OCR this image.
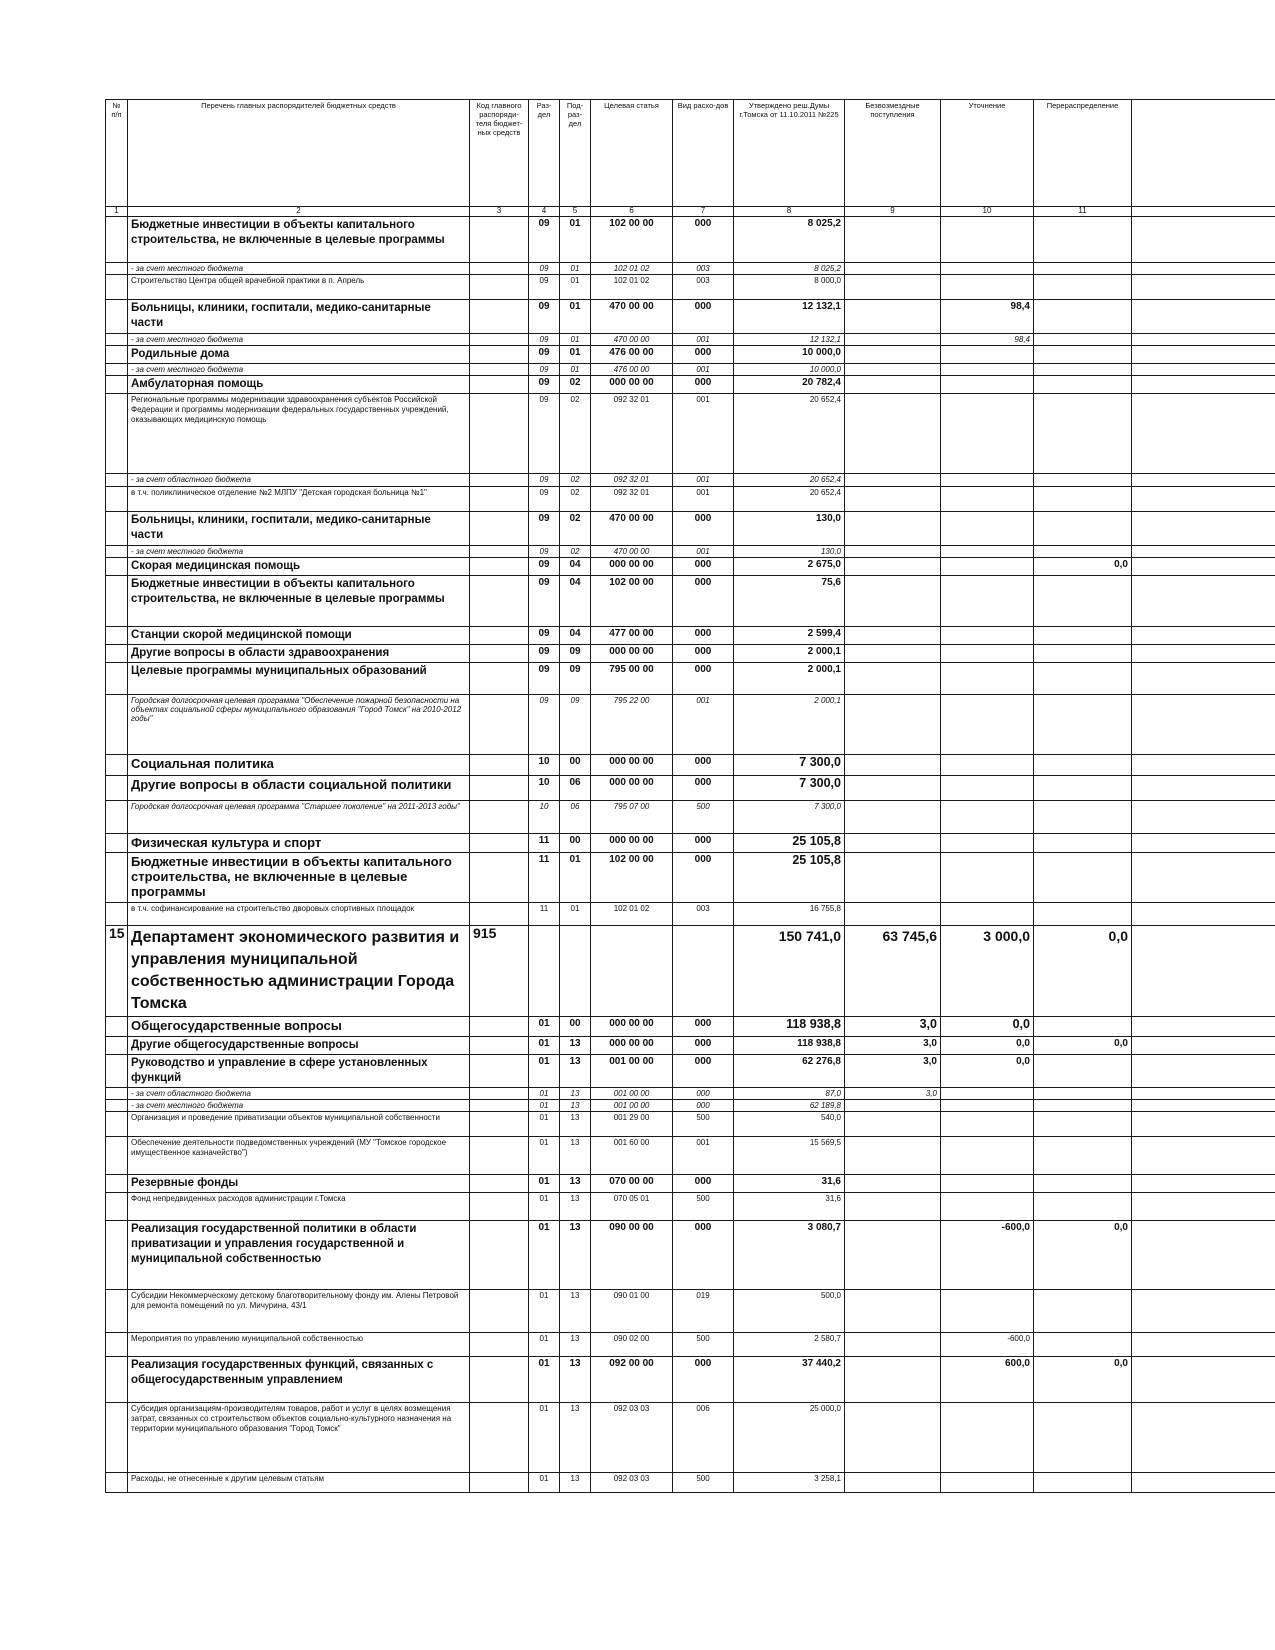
№ п/п	Перечень главных распорядителей бюджетных средств	Код главного распоряди-теля бюджет-ных средств	Раз-дел	Под-раз-дел	Целевая статья	Вид расхо-дов	Утверждено реш.Думы г.Томска от 11.10.2011 №225	Безвозмездные поступления	Уточнение	Перераспределение	
1	2	3	4	5	6	7	8	9	10	11	
	Бюджетные инвестиции в объекты капитального строительства, не включенные в целевые программы		09	01	102 00 00	000	8 025,2				
	- за счет местного бюджета		09	01	102 01 02	003	8 025,2				
	Строительство Центра общей врачебной практики в п. Апрель		09	01	102 01 02	003	8 000,0				
	Больницы, клиники, госпитали, медико-санитарные части		09	01	470 00 00	000	12 132,1		98,4		
	- за счет местного бюджета		09	01	470 00 00	001	12 132,1		98,4		
	Родильные дома		09	01	476 00 00	000	10 000,0				
	- за счет местного бюджета		09	01	476 00 00	001	10 000,0				
	Амбулаторная помощь		09	02	000 00 00	000	20 782,4				
	Региональные программы модернизации здравоохранения субъектов Российской Федерации и программы модернизации федеральных государственных учреждений, оказывающих медицинскую помощь		09	02	092 32 01	001	20 652,4				
	- за счет областного бюджета		09	02	092 32 01	001	20 652,4				
	в т.ч. поликлиническое отделение №2 МЛПУ "Детская городская больница №1"		09	02	092 32 01	001	20 652,4				
	Больницы, клиники, госпитали, медико-санитарные части		09	02	470 00 00	000	130,0				
	- за счет местного бюджета		09	02	470 00 00	001	130,0				
	Скорая медицинская помощь		09	04	000 00 00	000	2 675,0			0,0	
	Бюджетные инвестиции в объекты капитального строительства, не включенные в целевые программы		09	04	102 00 00	000	75,6				
	Станции скорой медицинской помощи		09	04	477 00 00	000	2 599,4				
	Другие вопросы в области здравоохранения		09	09	000 00 00	000	2 000,1				
	Целевые программы муниципальных образований		09	09	795 00 00	000	2 000,1				
	Городская долгосрочная целевая программа "Обеспечение пожарной безопасности на объектах социальной сферы муниципального образования "Город Томск" на 2010-2012 годы"		09	09	795 22 00	001	2 000,1				
	Социальная политика		10	00	000 00 00	000	7 300,0				
	Другие вопросы в области социальной политики		10	06	000 00 00	000	7 300,0				
	Городская долгосрочная целевая программа "Старшее поколение" на 2011-2013 годы"		10	06	795 07 00	500	7 300,0				
	Физическая культура и спорт		11	00	000 00 00	000	25 105,8				
	Бюджетные инвестиции в объекты капитального строительства, не включенные в целевые программы		11	01	102 00 00	000	25 105,8				
	в т.ч. софинансирование на строительство дворовых спортивных площадок		11	01	102 01 02	003	16 755,8				
15	Департамент экономического развития и управления муниципальной собственностью администрации Города Томска	915					150 741,0	63 745,6	3 000,0	0,0	
	Общегосударственные вопросы		01	00	000 00 00	000	118 938,8	3,0	0,0		
	Другие общегосударственные вопросы		01	13	000 00 00	000	118 938,8	3,0	0,0	0,0	
	Руководство и управление в сфере установленных функций		01	13	001 00 00	000	62 276,8	3,0	0,0		
	- за счет областного бюджета		01	13	001 00 00	000	87,0	3,0			
	- за счет местного бюджета		01	13	001 00 00	000	62 189,8				
	Организация и проведение приватизации объектов муниципальной собственности		01	13	001 29 00	500	540,0				
	Обеспечение деятельности подведомственных учреждений (МУ "Томское городское имущественное казначейство")		01	13	001 60 00	001	15 569,5				
	Резервные фонды		01	13	070 00 00	000	31,6				
	Фонд непредвиденных расходов администрации г.Томска		01	13	070 05 01	500	31,6				
	Реализация государственной политики в области приватизации и управления государственной и муниципальной собственностью		01	13	090 00 00	000	3 080,7		-600,0	0,0	
	Субсидии Некоммерческому детскому благотворительному фонду им. Алены Петровой для ремонта помещений по ул. Мичурина, 43/1		01	13	090 01 00	019	500,0				
	Мероприятия по управлению муниципальной собственностью		01	13	090 02 00	500	2 580,7		-600,0		
	Реализация государственных функций, связанных с общегосударственным управлением		01	13	092 00 00	000	37 440,2		600,0	0,0	
	Субсидия организациям-производителям товаров, работ и услуг в целях возмещения затрат, связанных со строительством объектов социально-культурного назначения на территории муниципального образования "Город Томск"		01	13	092 03 03	006	25 000,0				
	Расходы, не отнесенные к другим целевым статьям		01	13	092 03 03	500	3 258,1				
